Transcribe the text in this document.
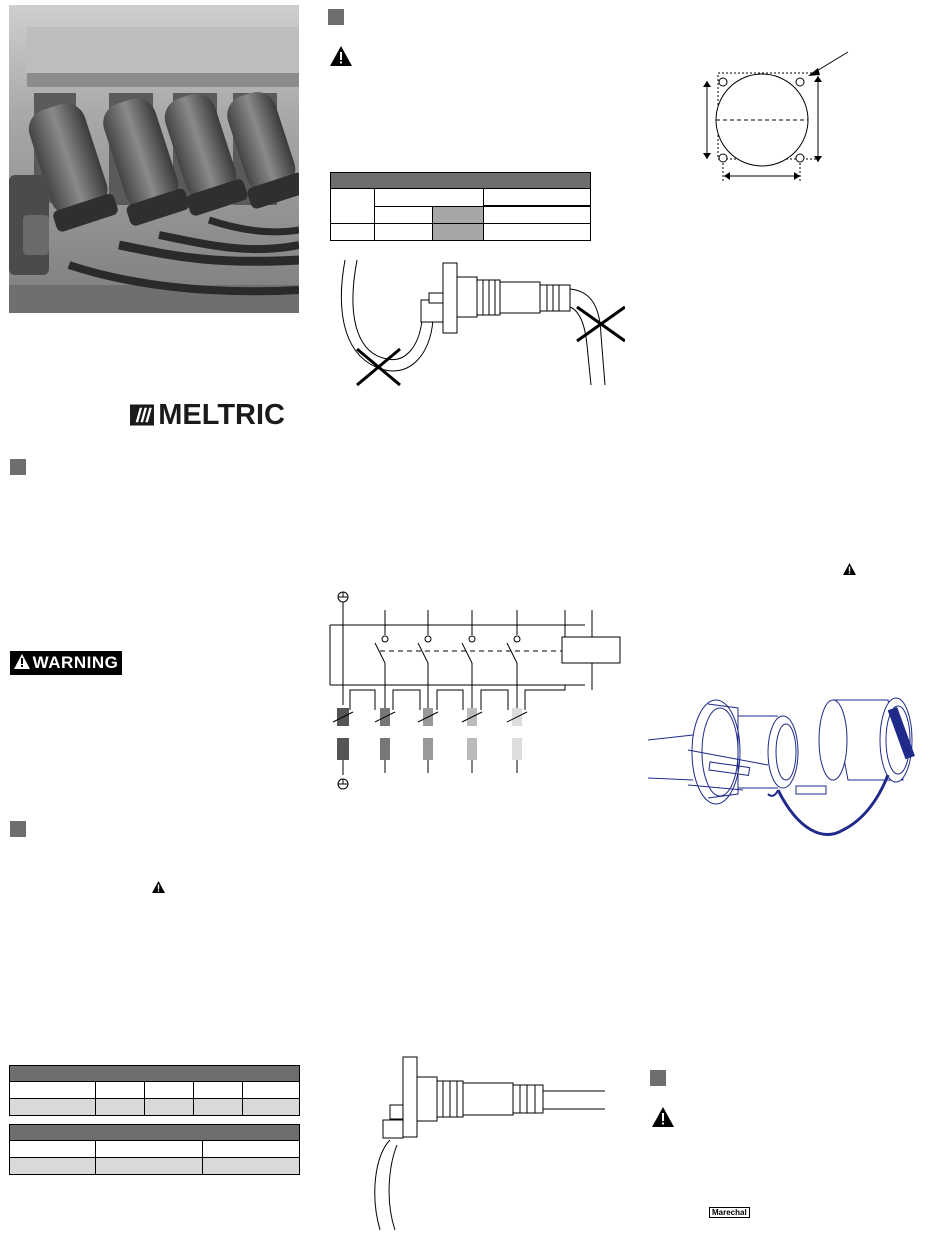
MELTRIC
WARNING

Marechal
